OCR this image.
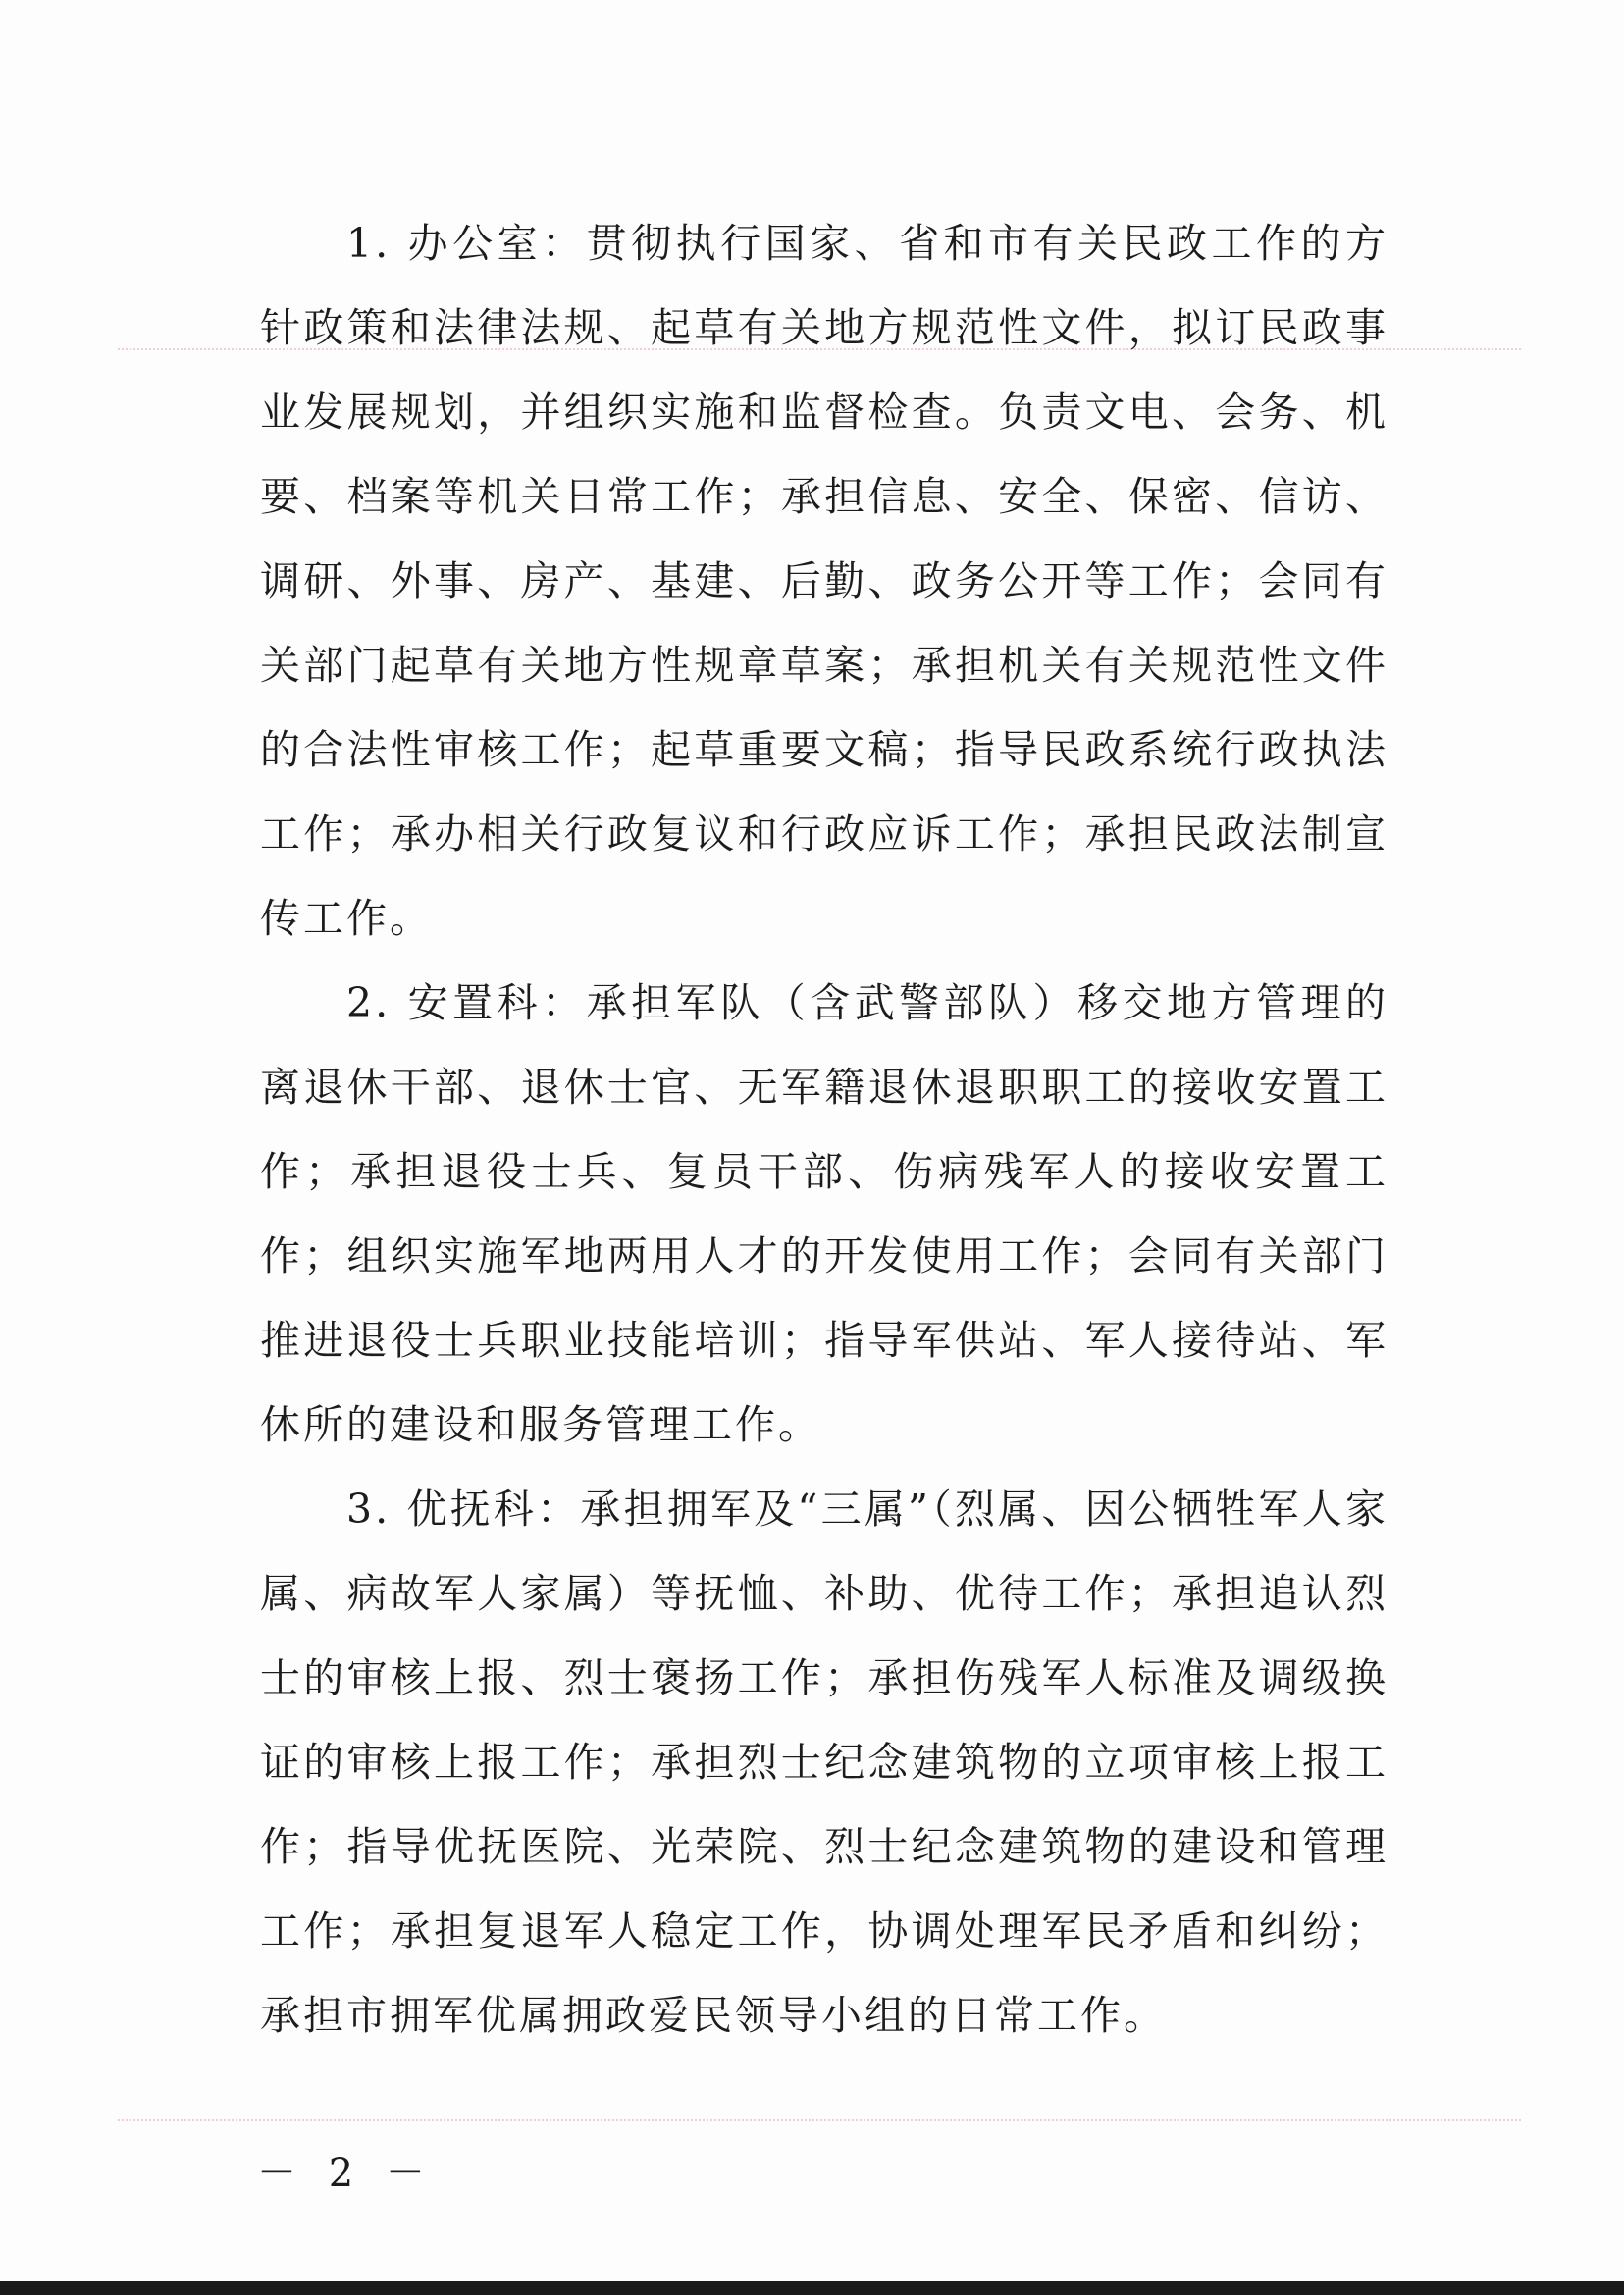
1. 办公室：贯彻执行国家、省和市有关民政工作的方针政策和法律法规、起草有关地方规范性文件，拟订民政事业发展规划，并组织实施和监督检查。负责文电、会务、机要、档案等机关日常工作；承担信息、安全、保密、信访、调研、外事、房产、基建、后勤、政务公开等工作；会同有关部门起草有关地方性规章草案；承担机关有关规范性文件的合法性审核工作；起草重要文稿；指导民政系统行政执法工作；承办相关行政复议和行政应诉工作；承担民政法制宣传工作。

2. 安置科：承担军队（含武警部队）移交地方管理的离退休干部、退休士官、无军籍退休退职职工的接收安置工作；承担退役士兵、复员干部、伤病残军人的接收安置工作；组织实施军地两用人才的开发使用工作；会同有关部门推进退役士兵职业技能培训；指导军供站、军人接待站、军休所的建设和服务管理工作。

3. 优抚科：承担拥军及“三属”（烈属、因公牺牲军人家属、病故军人家属）等抚恤、补助、优待工作；承担追认烈士的审核上报、烈士褒扬工作；承担伤残军人标准及调级换证的审核上报工作；承担烈士纪念建筑物的立项审核上报工作；指导优抚医院、光荣院、烈士纪念建筑物的建设和管理工作；承担复退军人稳定工作，协调处理军民矛盾和纠纷；承担市拥军优属拥政爱民领导小组的日常工作。

－ 2 －
